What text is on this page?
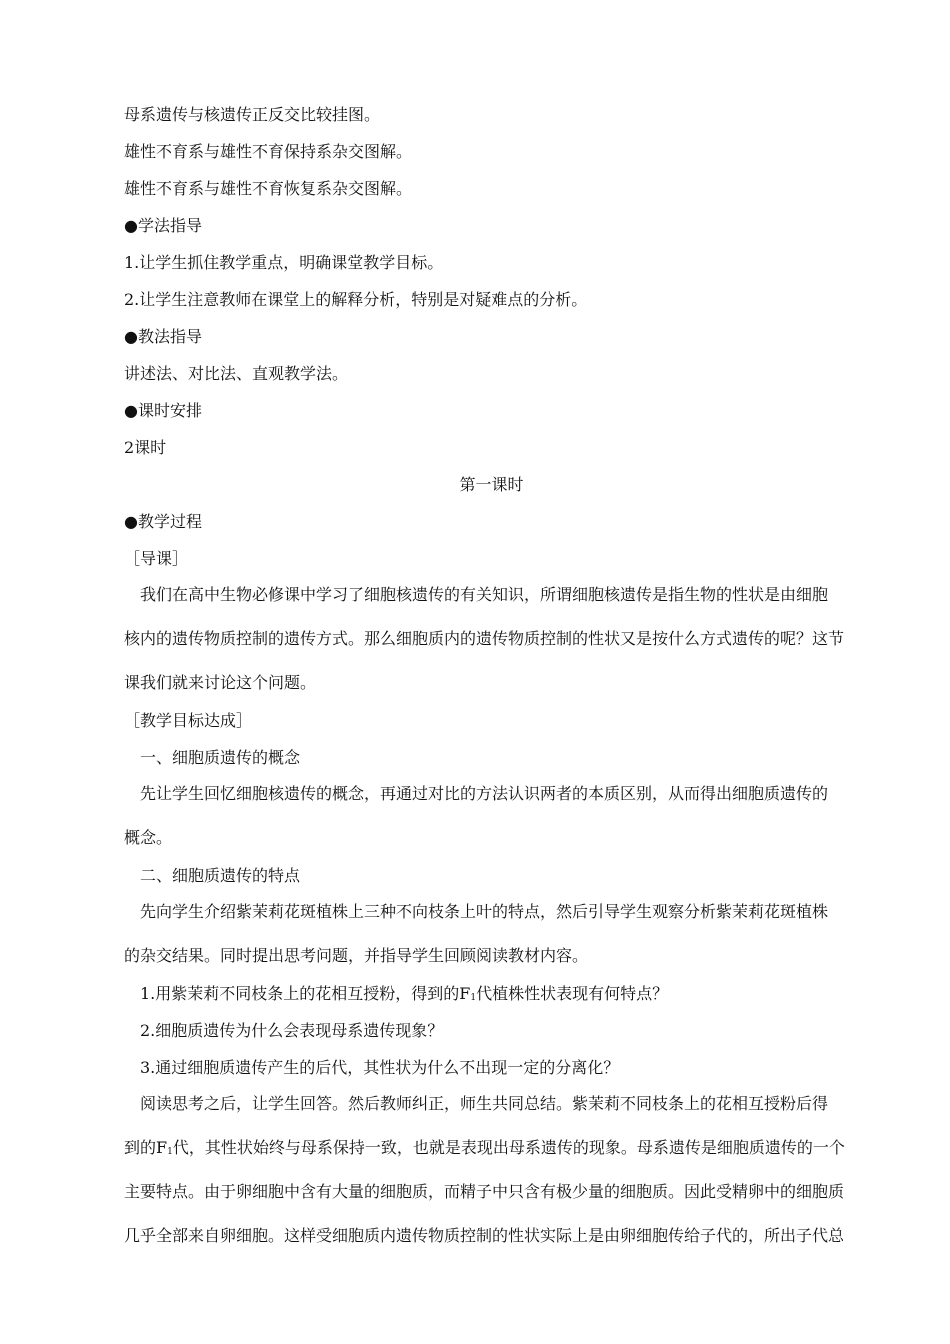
母系遗传与核遗传正反交比较挂图。
雄性不育系与雄性不育保持系杂交图解。
雄性不育系与雄性不育恢复系杂交图解。
●学法指导
1.让学生抓住教学重点，明确课堂教学目标。
2.让学生注意教师在课堂上的解释分析，特别是对疑难点的分析。
●教法指导
讲述法、对比法、直观教学法。
●课时安排
2课时
第一课时
●教学过程
［导课］
　我们在高中生物必修课中学习了细胞核遗传的有关知识，所谓细胞核遗传是指生物的性状是由细胞
核内的遗传物质控制的遗传方式。那么细胞质内的遗传物质控制的性状又是按什么方式遗传的呢？这节
课我们就来讨论这个问题。
［教学目标达成］
　一、细胞质遗传的概念
　先让学生回忆细胞核遗传的概念，再通过对比的方法认识两者的本质区别，从而得出细胞质遗传的
概念。
　二、细胞质遗传的特点
　先向学生介绍紫茉莉花斑植株上三种不向枝条上叶的特点，然后引导学生观察分析紫茉莉花斑植株
的杂交结果。同时提出思考问题，并指导学生回顾阅读教材内容。
　1.用紫茉莉不同枝条上的花相互授粉，得到的F1代植株性状表现有何特点？
　2.细胞质遗传为什么会表现母系遗传现象？
　3.通过细胞质遗传产生的后代，其性状为什么不出现一定的分离化？
　阅读思考之后，让学生回答。然后教师纠正，师生共同总结。紫茉莉不同枝条上的花相互授粉后得
到的F1代，其性状始终与母系保持一致，也就是表现出母系遗传的现象。母系遗传是细胞质遗传的一个
主要特点。由于卵细胞中含有大量的细胞质，而精子中只含有极少量的细胞质。因此受精卵中的细胞质
几乎全部来自卵细胞。这样受细胞质内遗传物质控制的性状实际上是由卵细胞传给子代的，所出子代总
